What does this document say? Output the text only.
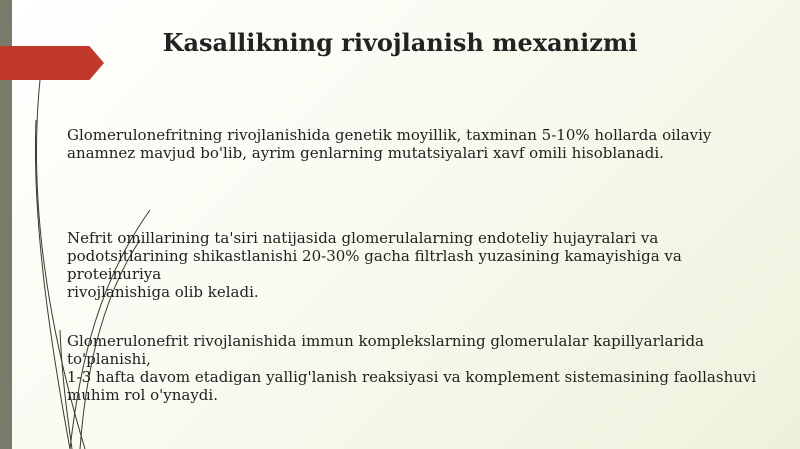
Kasallikning rivojlanish mexanizmi

Glomerulonefritning rivojlanishida genetik moyillik, taxminan 5-10% hollarda oilaviy
anamnez mavjud bo'lib, ayrim genlarning mutatsiyalari xavf omili hisoblanadi.

Nefrit omillarining ta'siri natijasida glomerulalarning endoteliy hujayralari va
podotsitlarining shikastlanishi 20-30% gacha filtrlash yuzasining kamayishiga va proteinuriya
rivojlanishiga olib keladi.

Glomerulonefrit rivojlanishida immun komplekslarning glomerulalar kapillyarlarida to'planishi,
1-3 hafta davom etadigan yallig'lanish reaksiyasi va komplement sistemasining faollashuvi
muhim rol o'ynaydi.
